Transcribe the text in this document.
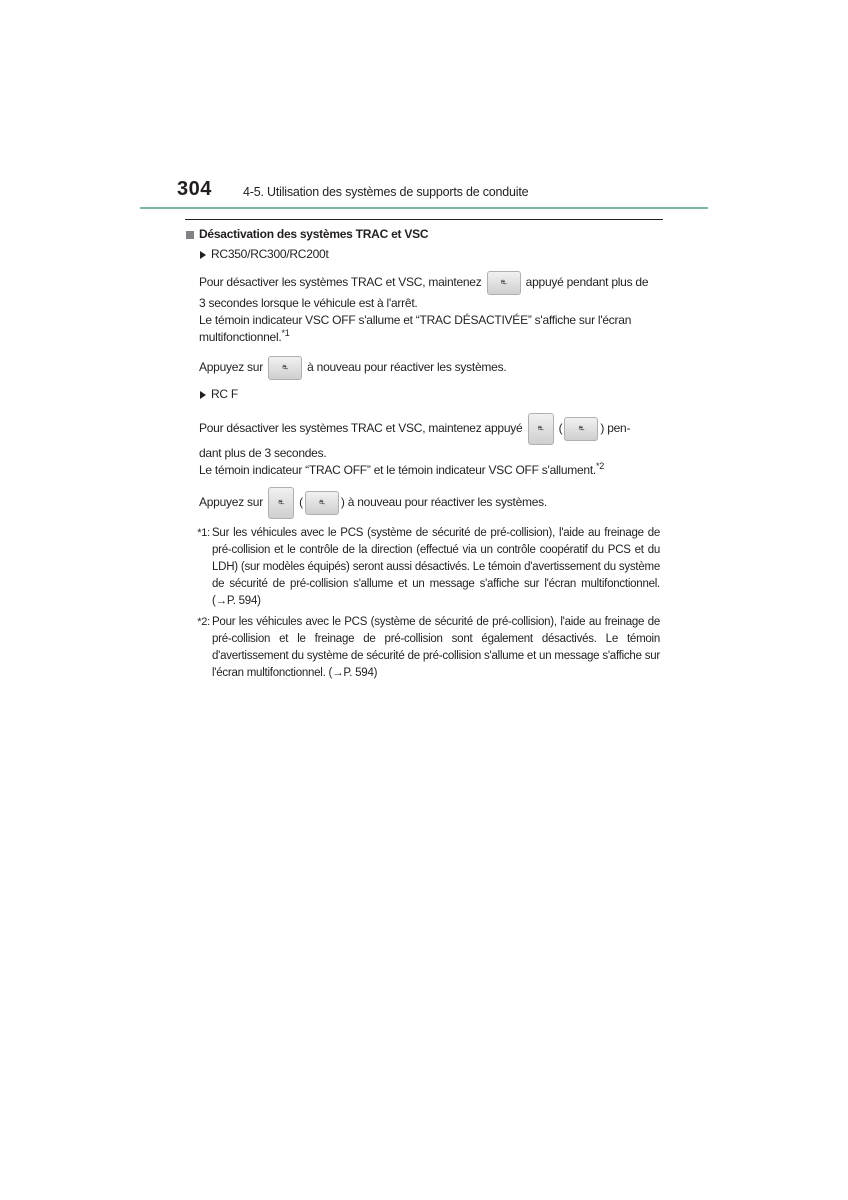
304 4-5. Utilisation des systèmes de supports de conduite
Désactivation des systèmes TRAC et VSC
RC350/RC300/RC200t
Pour désactiver les systèmes TRAC et VSC, maintenez	⛐ appuyé pendant plus de
3 secondes lorsque le véhicule est à l'arrêt.
Le témoin indicateur VSC OFF s'allume et “TRAC DÉSACTIVÉE” s'affiche sur l'écran
multifonctionnel.$^{*1}$
Appuyez sur	⛐ à nouveau pour réactiver les systèmes.
RC F
Pour désactiver les systèmes TRAC et VSC, maintenez appuyé ⛐ ( ⛐ ) pen-
dant plus de 3 secondes.
Le témoin indicateur “TRAC OFF” et le témoin indicateur VSC OFF s'allument.$^{*2}$
Appuyez sur ⛐ ( ⛐ ) à nouveau pour réactiver les systèmes.
*1: Sur les véhicules avec le PCS (système de sécurité de pré-collision), l'aide au freinage de pré-collision et le contrôle de la direction (effectué via un contrôle coopératif du PCS et du LDH) (sur modèles équipés) seront aussi désactivés. Le témoin d'avertissement du système de sécurité de pré-collision s'allume et un message s'affiche sur l'écran multifonctionnel. (→P. 594)
*2: Pour les véhicules avec le PCS (système de sécurité de pré-collision), l'aide au freinage de pré-collision et le freinage de pré-collision sont également désactivés. Le témoin d'avertissement du système de sécurité de pré-collision s'allume et un message s'affiche sur l'écran multifonctionnel. (→P. 594)
